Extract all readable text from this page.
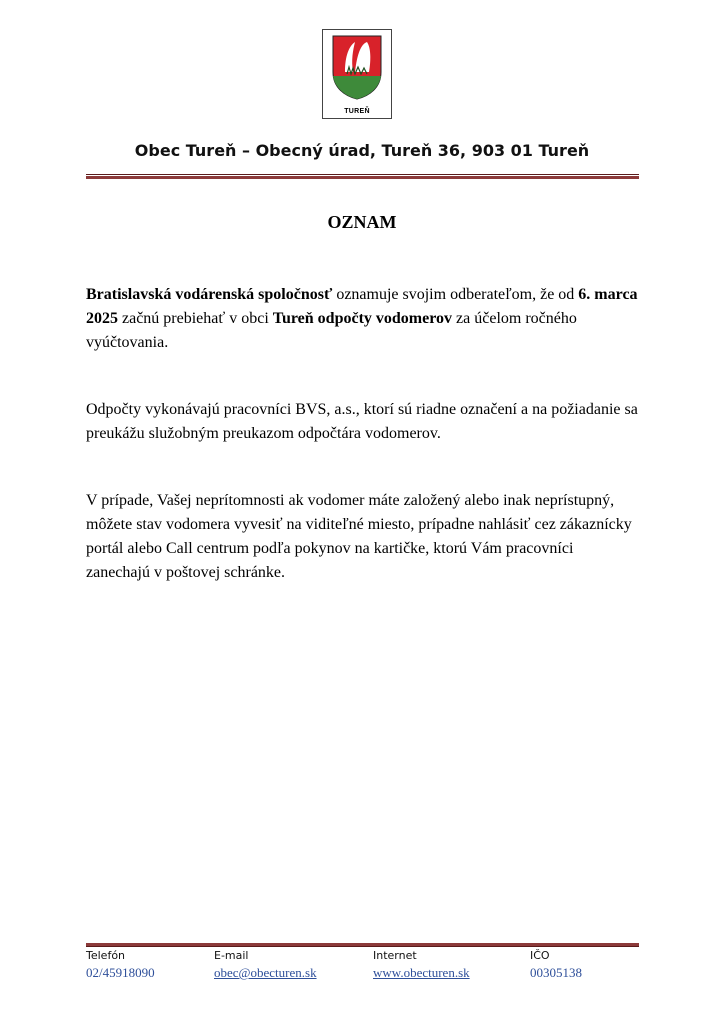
TUREŇ
Obec Tureň – Obecný úrad, Tureň 36, 903 01 Tureň
OZNAM

Bratislavská vodárenská spoločnosť oznamuje svojim odberateľom, že od 6. marca 2025 začnú prebiehať v obci Tureň odpočty vodomerov za účelom ročného vyúčtovania.

Odpočty vykonávajú pracovníci BVS, a.s., ktorí sú riadne označení a na požiadanie sa preukážu služobným preukazom odpočtára vodomerov.

V prípade, Vašej neprítomnosti ak vodomer máte založený alebo inak neprístupný, môžete stav vodomera vyvesiť na viditeľné miesto, prípadne nahlásiť cez zákaznícky portál alebo Call centrum podľa pokynov na kartičke, ktorú Vám pracovníci zanechajú v poštovej schránke.

Telefón
02/45918090
E-mail
obec@obecturen.sk
Internet
www.obecturen.sk
IČO
00305138
